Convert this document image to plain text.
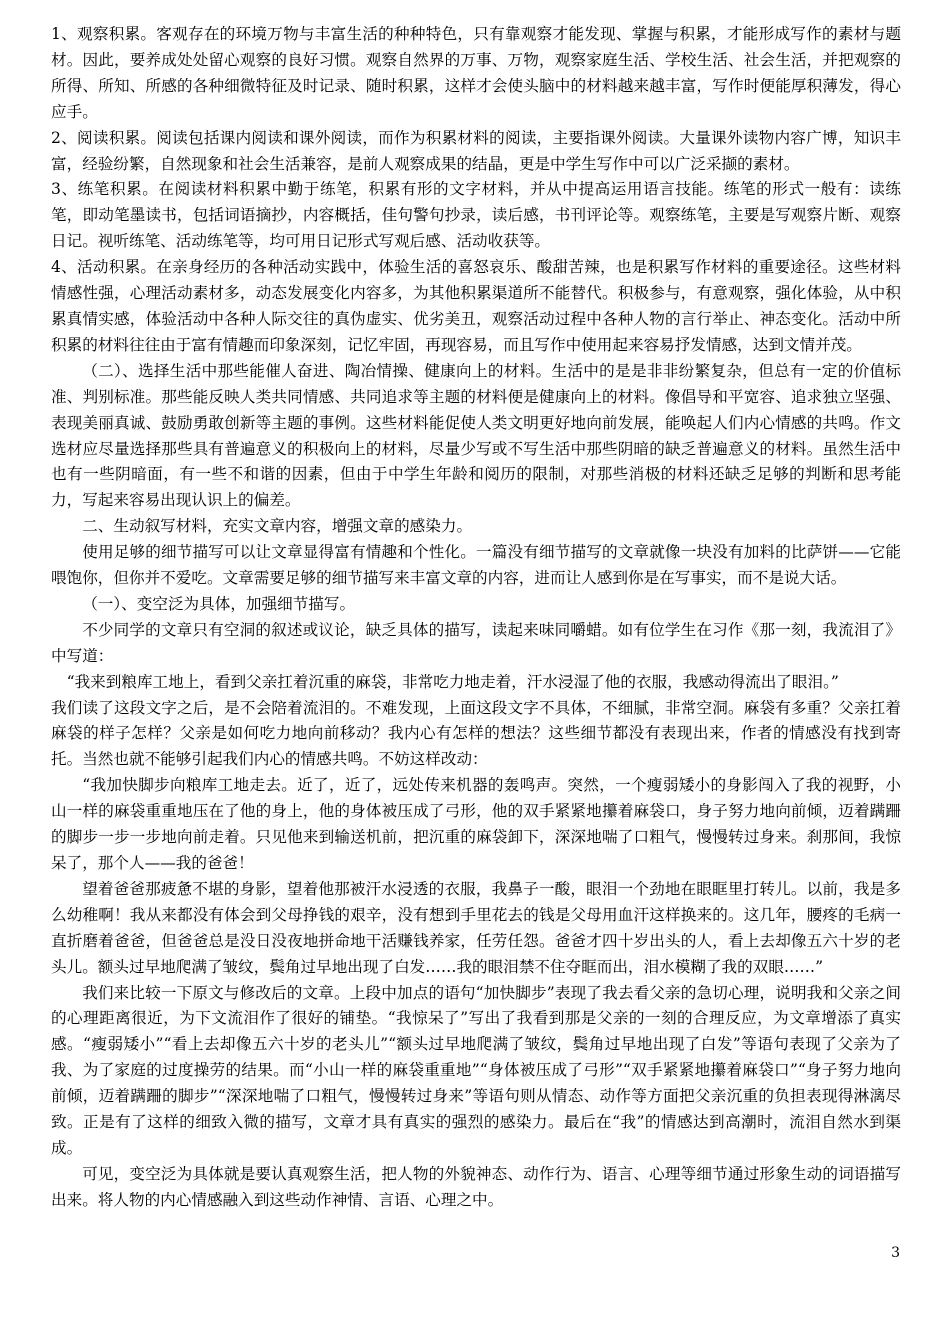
1、观察积累。客观存在的环境万物与丰富生活的种种特色，只有靠观察才能发现、掌握与积累，才能形成写作的素材与题材。因此，要养成处处留心观察的良好习惯。观察自然界的万事、万物，观察家庭生活、学校生活、社会生活，并把观察的所得、所知、所感的各种细微特征及时记录、随时积累，这样才会使头脑中的材料越来越丰富，写作时便能厚积薄发，得心应手。

2、阅读积累。阅读包括课内阅读和课外阅读，而作为积累材料的阅读，主要指课外阅读。大量课外读物内容广博，知识丰富，经验纷繁，自然现象和社会生活兼容，是前人观察成果的结晶，更是中学生写作中可以广泛采撷的素材。

3、练笔积累。在阅读材料积累中勤于练笔，积累有形的文字材料，并从中提高运用语言技能。练笔的形式一般有：读练笔，即动笔墨读书，包括词语摘抄，内容概括，佳句警句抄录，读后感，书刊评论等。观察练笔，主要是写观察片断、观察日记。视听练笔、活动练笔等，均可用日记形式写观后感、活动收获等。

4、活动积累。在亲身经历的各种活动实践中，体验生活的喜怒哀乐、酸甜苦辣，也是积累写作材料的重要途径。这些材料情感性强，心理活动素材多，动态发展变化内容多，为其他积累渠道所不能替代。积极参与，有意观察，强化体验，从中积累真情实感，体验活动中各种人际交往的真伪虚实、优劣美丑，观察活动过程中各种人物的言行举止、神态变化。活动中所积累的材料往往由于富有情趣而印象深刻，记忆牢固，再现容易，而且写作中使用起来容易抒发情感，达到文情并茂。

（二）、选择生活中那些能催人奋进、陶冶情操、健康向上的材料。生活中的是是非非纷繁复杂，但总有一定的价值标准、判别标准。那些能反映人类共同情感、共同追求等主题的材料便是健康向上的材料。像倡导和平宽容、追求独立坚强、表现美丽真诚、鼓励勇敢创新等主题的事例。这些材料能促使人类文明更好地向前发展，能唤起人们内心情感的共鸣。作文选材应尽量选择那些具有普遍意义的积极向上的材料，尽量少写或不写生活中那些阴暗的缺乏普遍意义的材料。虽然生活中也有一些阴暗面，有一些不和谐的因素，但由于中学生年龄和阅历的限制，对那些消极的材料还缺乏足够的判断和思考能力，写起来容易出现认识上的偏差。

二、生动叙写材料，充实文章内容，增强文章的感染力。

使用足够的细节描写可以让文章显得富有情趣和个性化。一篇没有细节描写的文章就像一块没有加料的比萨饼——它能喂饱你，但你并不爱吃。文章需要足够的细节描写来丰富文章的内容，进而让人感到你是在写事实，而不是说大话。

（一）、变空泛为具体，加强细节描写。

不少同学的文章只有空洞的叙述或议论，缺乏具体的描写，读起来味同嚼蜡。如有位学生在习作《那一刻，我流泪了》中写道：

“我来到粮库工地上，看到父亲扛着沉重的麻袋，非常吃力地走着，汗水浸湿了他的衣服，我感动得流出了眼泪。”

我们读了这段文字之后，是不会陪着流泪的。不难发现，上面这段文字不具体，不细腻，非常空洞。麻袋有多重？父亲扛着麻袋的样子怎样？父亲是如何吃力地向前移动？我内心有怎样的想法？这些细节都没有表现出来，作者的情感没有找到寄托。当然也就不能够引起我们内心的情感共鸣。不妨这样改动：

“我加快脚步向粮库工地走去。近了，近了，远处传来机器的轰鸣声。突然，一个瘦弱矮小的身影闯入了我的视野，小山一样的麻袋重重地压在了他的身上，他的身体被压成了弓形，他的双手紧紧地攥着麻袋口，身子努力地向前倾，迈着蹒跚的脚步一步一步地向前走着。只见他来到输送机前，把沉重的麻袋卸下，深深地喘了口粗气，慢慢转过身来。刹那间，我惊呆了，那个人——我的爸爸！

望着爸爸那疲惫不堪的身影，望着他那被汗水浸透的衣服，我鼻子一酸，眼泪一个劲地在眼眶里打转儿。以前，我是多么幼稚啊！我从来都没有体会到父母挣钱的艰辛，没有想到手里花去的钱是父母用血汗这样换来的。这几年，腰疼的毛病一直折磨着爸爸，但爸爸总是没日没夜地拼命地干活赚钱养家，任劳任怨。爸爸才四十岁出头的人，看上去却像五六十岁的老头儿。额头过早地爬满了皱纹，鬓角过早地出现了白发……我的眼泪禁不住夺眶而出，泪水模糊了我的双眼……”

我们来比较一下原文与修改后的文章。上段中加点的语句“加快脚步”表现了我去看父亲的急切心理，说明我和父亲之间的心理距离很近，为下文流泪作了很好的铺垫。“我惊呆了”写出了我看到那是父亲的一刻的合理反应，为文章增添了真实感。“瘦弱矮小”“看上去却像五六十岁的老头儿”“额头过早地爬满了皱纹，鬓角过早地出现了白发”等语句表现了父亲为了我、为了家庭的过度操劳的结果。而“小山一样的麻袋重重地”“身体被压成了弓形”“双手紧紧地攥着麻袋口”“身子努力地向前倾，迈着蹒跚的脚步”“深深地喘了口粗气，慢慢转过身来”等语句则从情态、动作等方面把父亲沉重的负担表现得淋漓尽致。正是有了这样的细致入微的描写，文章才具有真实的强烈的感染力。最后在“我”的情感达到高潮时，流泪自然水到渠成。

可见，变空泛为具体就是要认真观察生活，把人物的外貌神态、动作行为、语言、心理等细节通过形象生动的词语描写出来。将人物的内心情感融入到这些动作神情、言语、心理之中。

3
